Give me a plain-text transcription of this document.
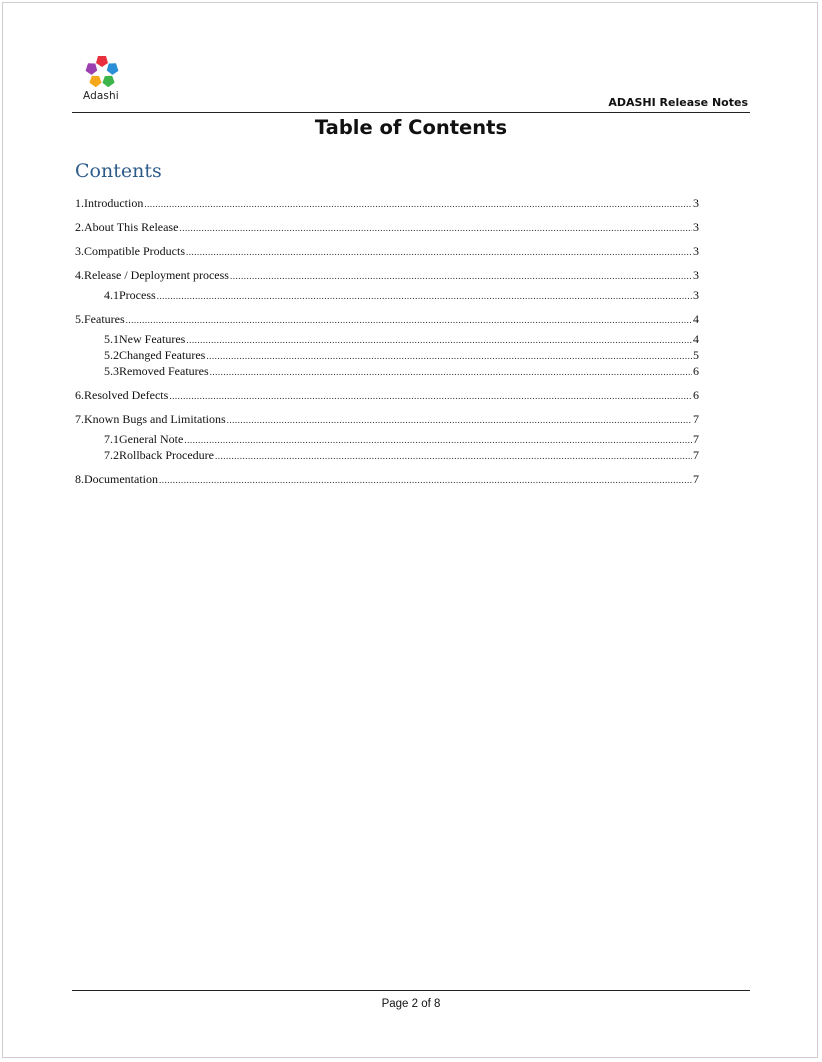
Adashi	ADASHI Release Notes
Table of Contents
Contents
1. Introduction .....	3
2. About This Release .....	3
3. Compatible Products .....	3
4. Release / Deployment process .....	3
4.1 Process .....	3
5. Features .....	4
5.1 New Features .....	4
5.2 Changed Features .....	5
5.3 Removed Features .....	6
6. Resolved Defects .....	6
7. Known Bugs and Limitations .....	7
7.1 General Note .....	7
7.2 Rollback Procedure .....	7
8. Documentation .....	7
Page 2 of 8
